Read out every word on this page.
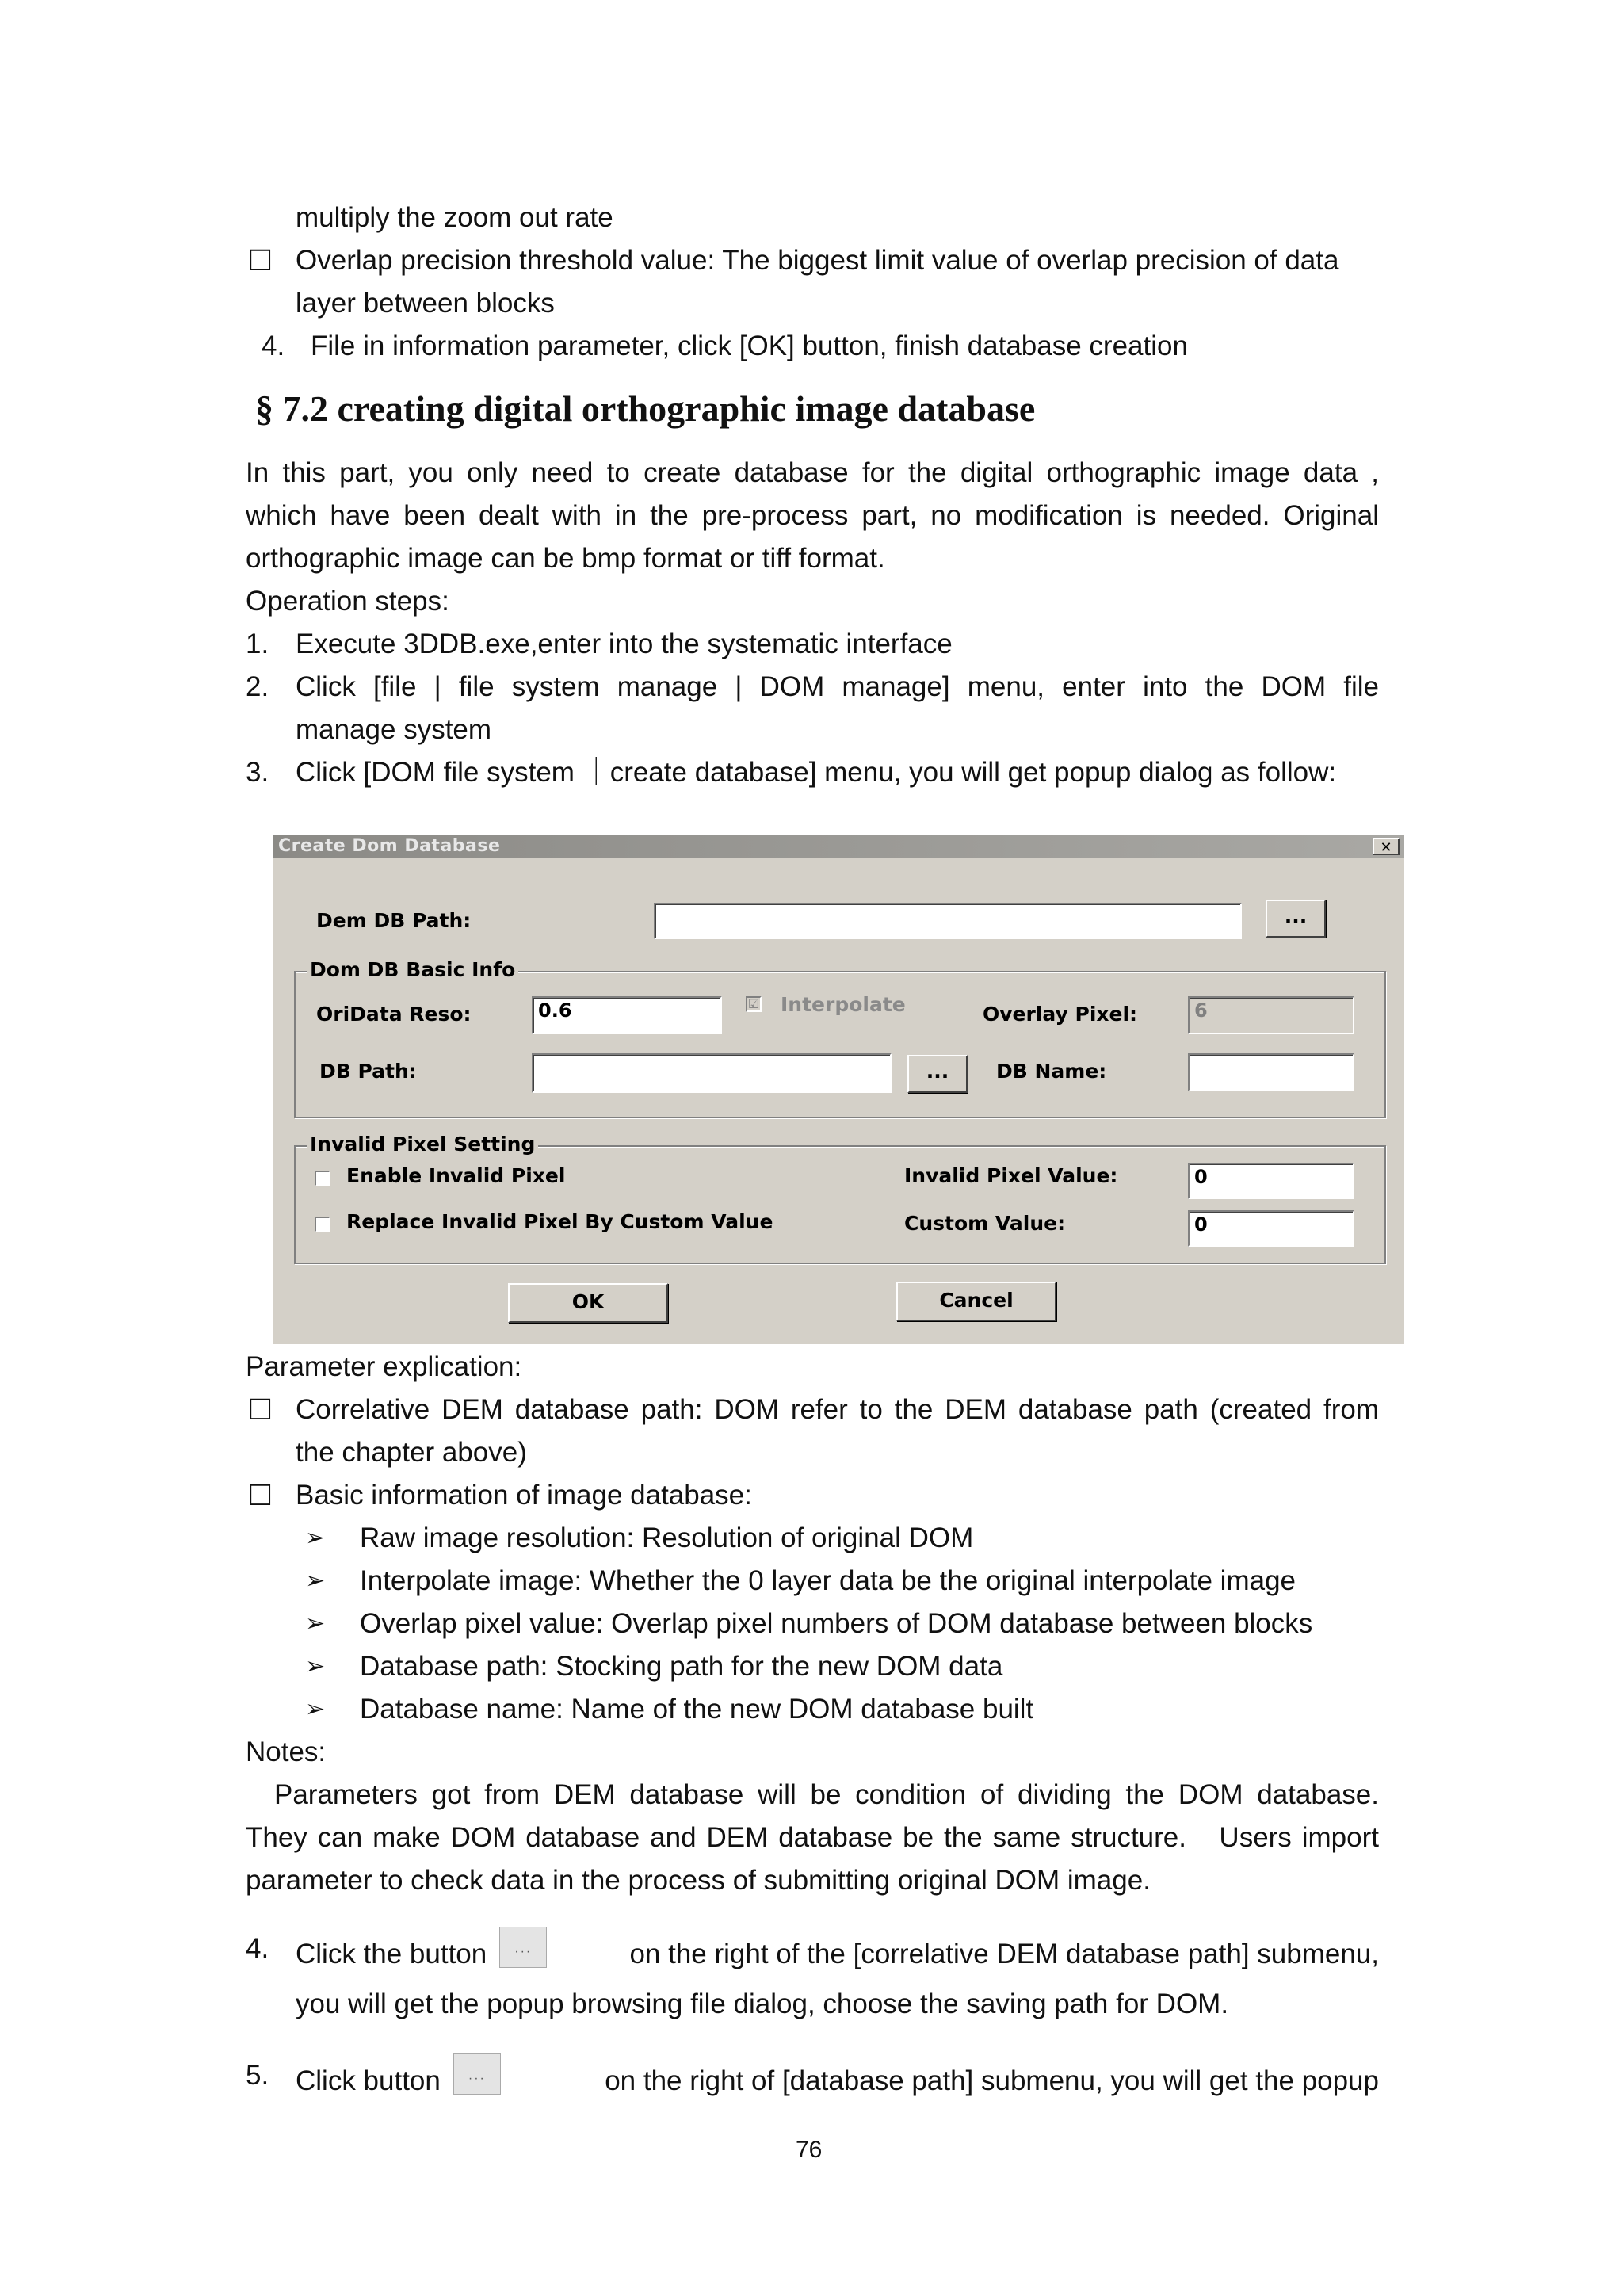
multiply the zoom out rate
☐ Overlap precision threshold value: The biggest limit value of overlap precision of data
layer between blocks
4. File in information parameter, click [OK] button, finish database creation
§ 7.2 creating digital orthographic image database
In this part, you only need to create database for the digital orthographic image data ,
which have been dealt with in the pre-process part, no modification is needed. Original
orthographic image can be bmp format or tiff format.
Operation steps:
1. Execute 3DDB.exe,enter into the systematic interface
2. Click [file | file system manage | DOM manage] menu, enter into the DOM file
manage system
3. Click [DOM file system ｜create database] menu, you will get popup dialog as follow:
Create Dom Database	✕
Dem DB Path:	...
Dom DB Basic Info
OriData Reso:	0.6	☑ Interpolate	Overlay Pixel:	6
DB Path:	...	DB Name:
Invalid Pixel Setting
Enable Invalid Pixel	Invalid Pixel Value:	0
Replace Invalid Pixel By Custom Value	Custom Value:	0
OK	Cancel
Parameter explication:
☐ Correlative DEM database path: DOM refer to the DEM database path (created from
the chapter above)
☐ Basic information of image database:
➢ Raw image resolution: Resolution of original DOM
➢ Interpolate image: Whether the 0 layer data be the original interpolate image
➢ Overlap pixel value: Overlap pixel numbers of DOM database between blocks
➢ Database path: Stocking path for the new DOM data
➢ Database name: Name of the new DOM database built
Notes:
Parameters got from DEM database will be condition of dividing the DOM database.
They can make DOM database and DEM database be the same structure.　Users import
parameter to check data in the process of submitting original DOM image.
4. Click the button	···	on the right of the [correlative DEM database path] submenu,
you will get the popup browsing file dialog, choose the saving path for DOM.
5. Click button	···	on the right of [database path] submenu, you will get the popup
76
